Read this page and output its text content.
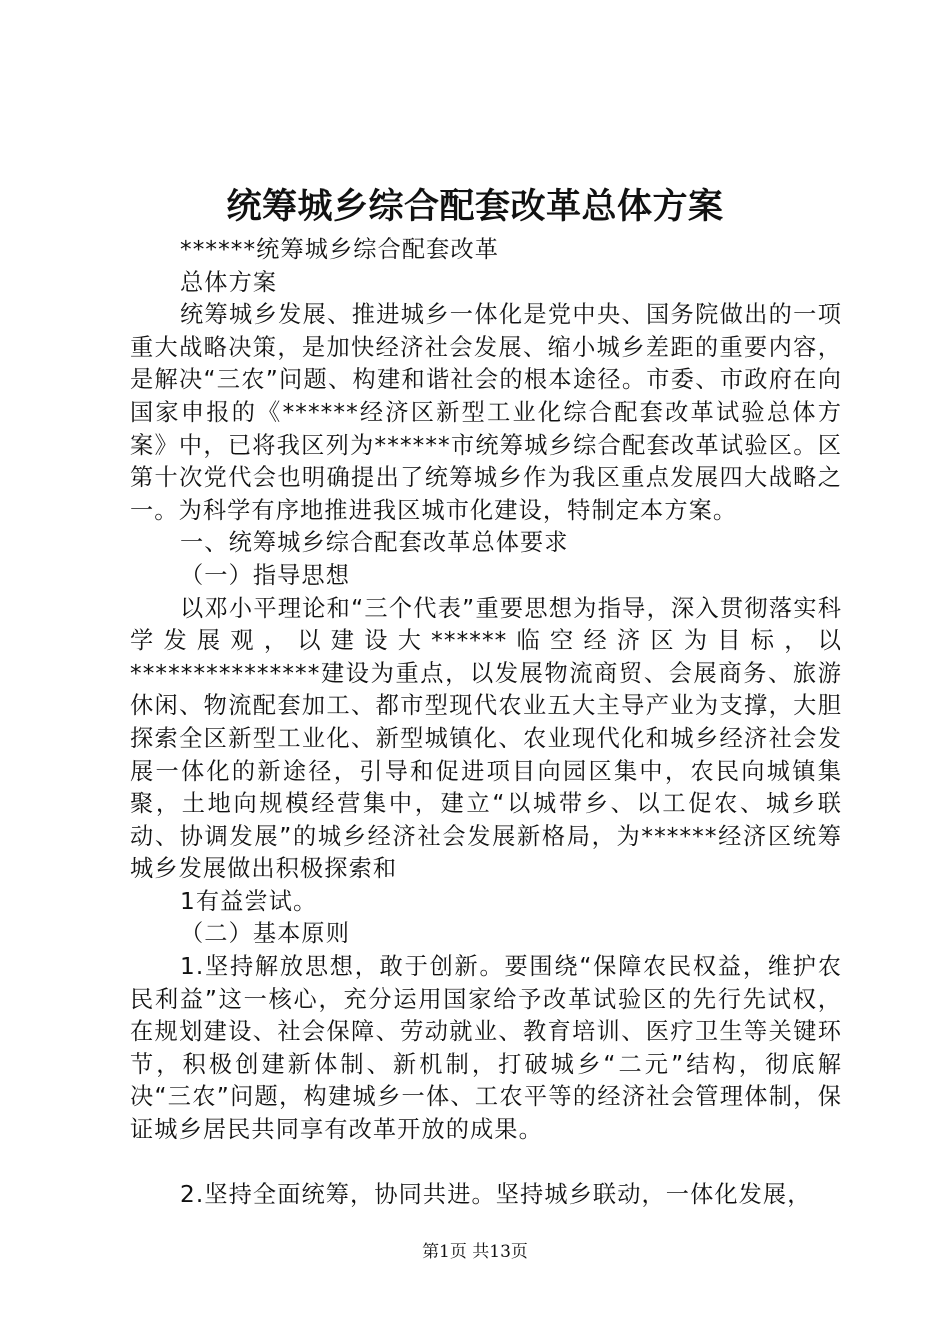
统筹城乡综合配套改革总体方案

******统筹城乡综合配套改革

总体方案

统筹城乡发展、推进城乡一体化是党中央、国务院做出的一项重大战略决策，是加快经济社会发展、缩小城乡差距的重要内容，是解决“三农”问题、构建和谐社会的根本途径。市委、市政府在向国家申报的《******经济区新型工业化综合配套改革试验总体方案》中，已将我区列为******市统筹城乡综合配套改革试验区。区第十次党代会也明确提出了统筹城乡作为我区重点发展四大战略之一。为科学有序地推进我区城市化建设，特制定本方案。

一、统筹城乡综合配套改革总体要求

（一）指导思想

以邓小平理论和“三个代表”重要思想为指导，深入贯彻落实科学发展观，以建设大******临空经济区为目标，以***************建设为重点，以发展物流商贸、会展商务、旅游休闲、物流配套加工、都市型现代农业五大主导产业为支撑，大胆探索全区新型工业化、新型城镇化、农业现代化和城乡经济社会发展一体化的新途径，引导和促进项目向园区集中，农民向城镇集聚，土地向规模经营集中，建立“以城带乡、以工促农、城乡联动、协调发展”的城乡经济社会发展新格局，为******经济区统筹城乡发展做出积极探索和

1有益尝试。

（二）基本原则

1.坚持解放思想，敢于创新。要围绕“保障农民权益，维护农民利益”这一核心，充分运用国家给予改革试验区的先行先试权，在规划建设、社会保障、劳动就业、教育培训、医疗卫生等关键环节，积极创建新体制、新机制，打破城乡“二元”结构，彻底解决“三农”问题，构建城乡一体、工农平等的经济社会管理体制，保证城乡居民共同享有改革开放的成果。

2.坚持全面统筹，协同共进。坚持城乡联动，一体化发展，

第1页 共13页
